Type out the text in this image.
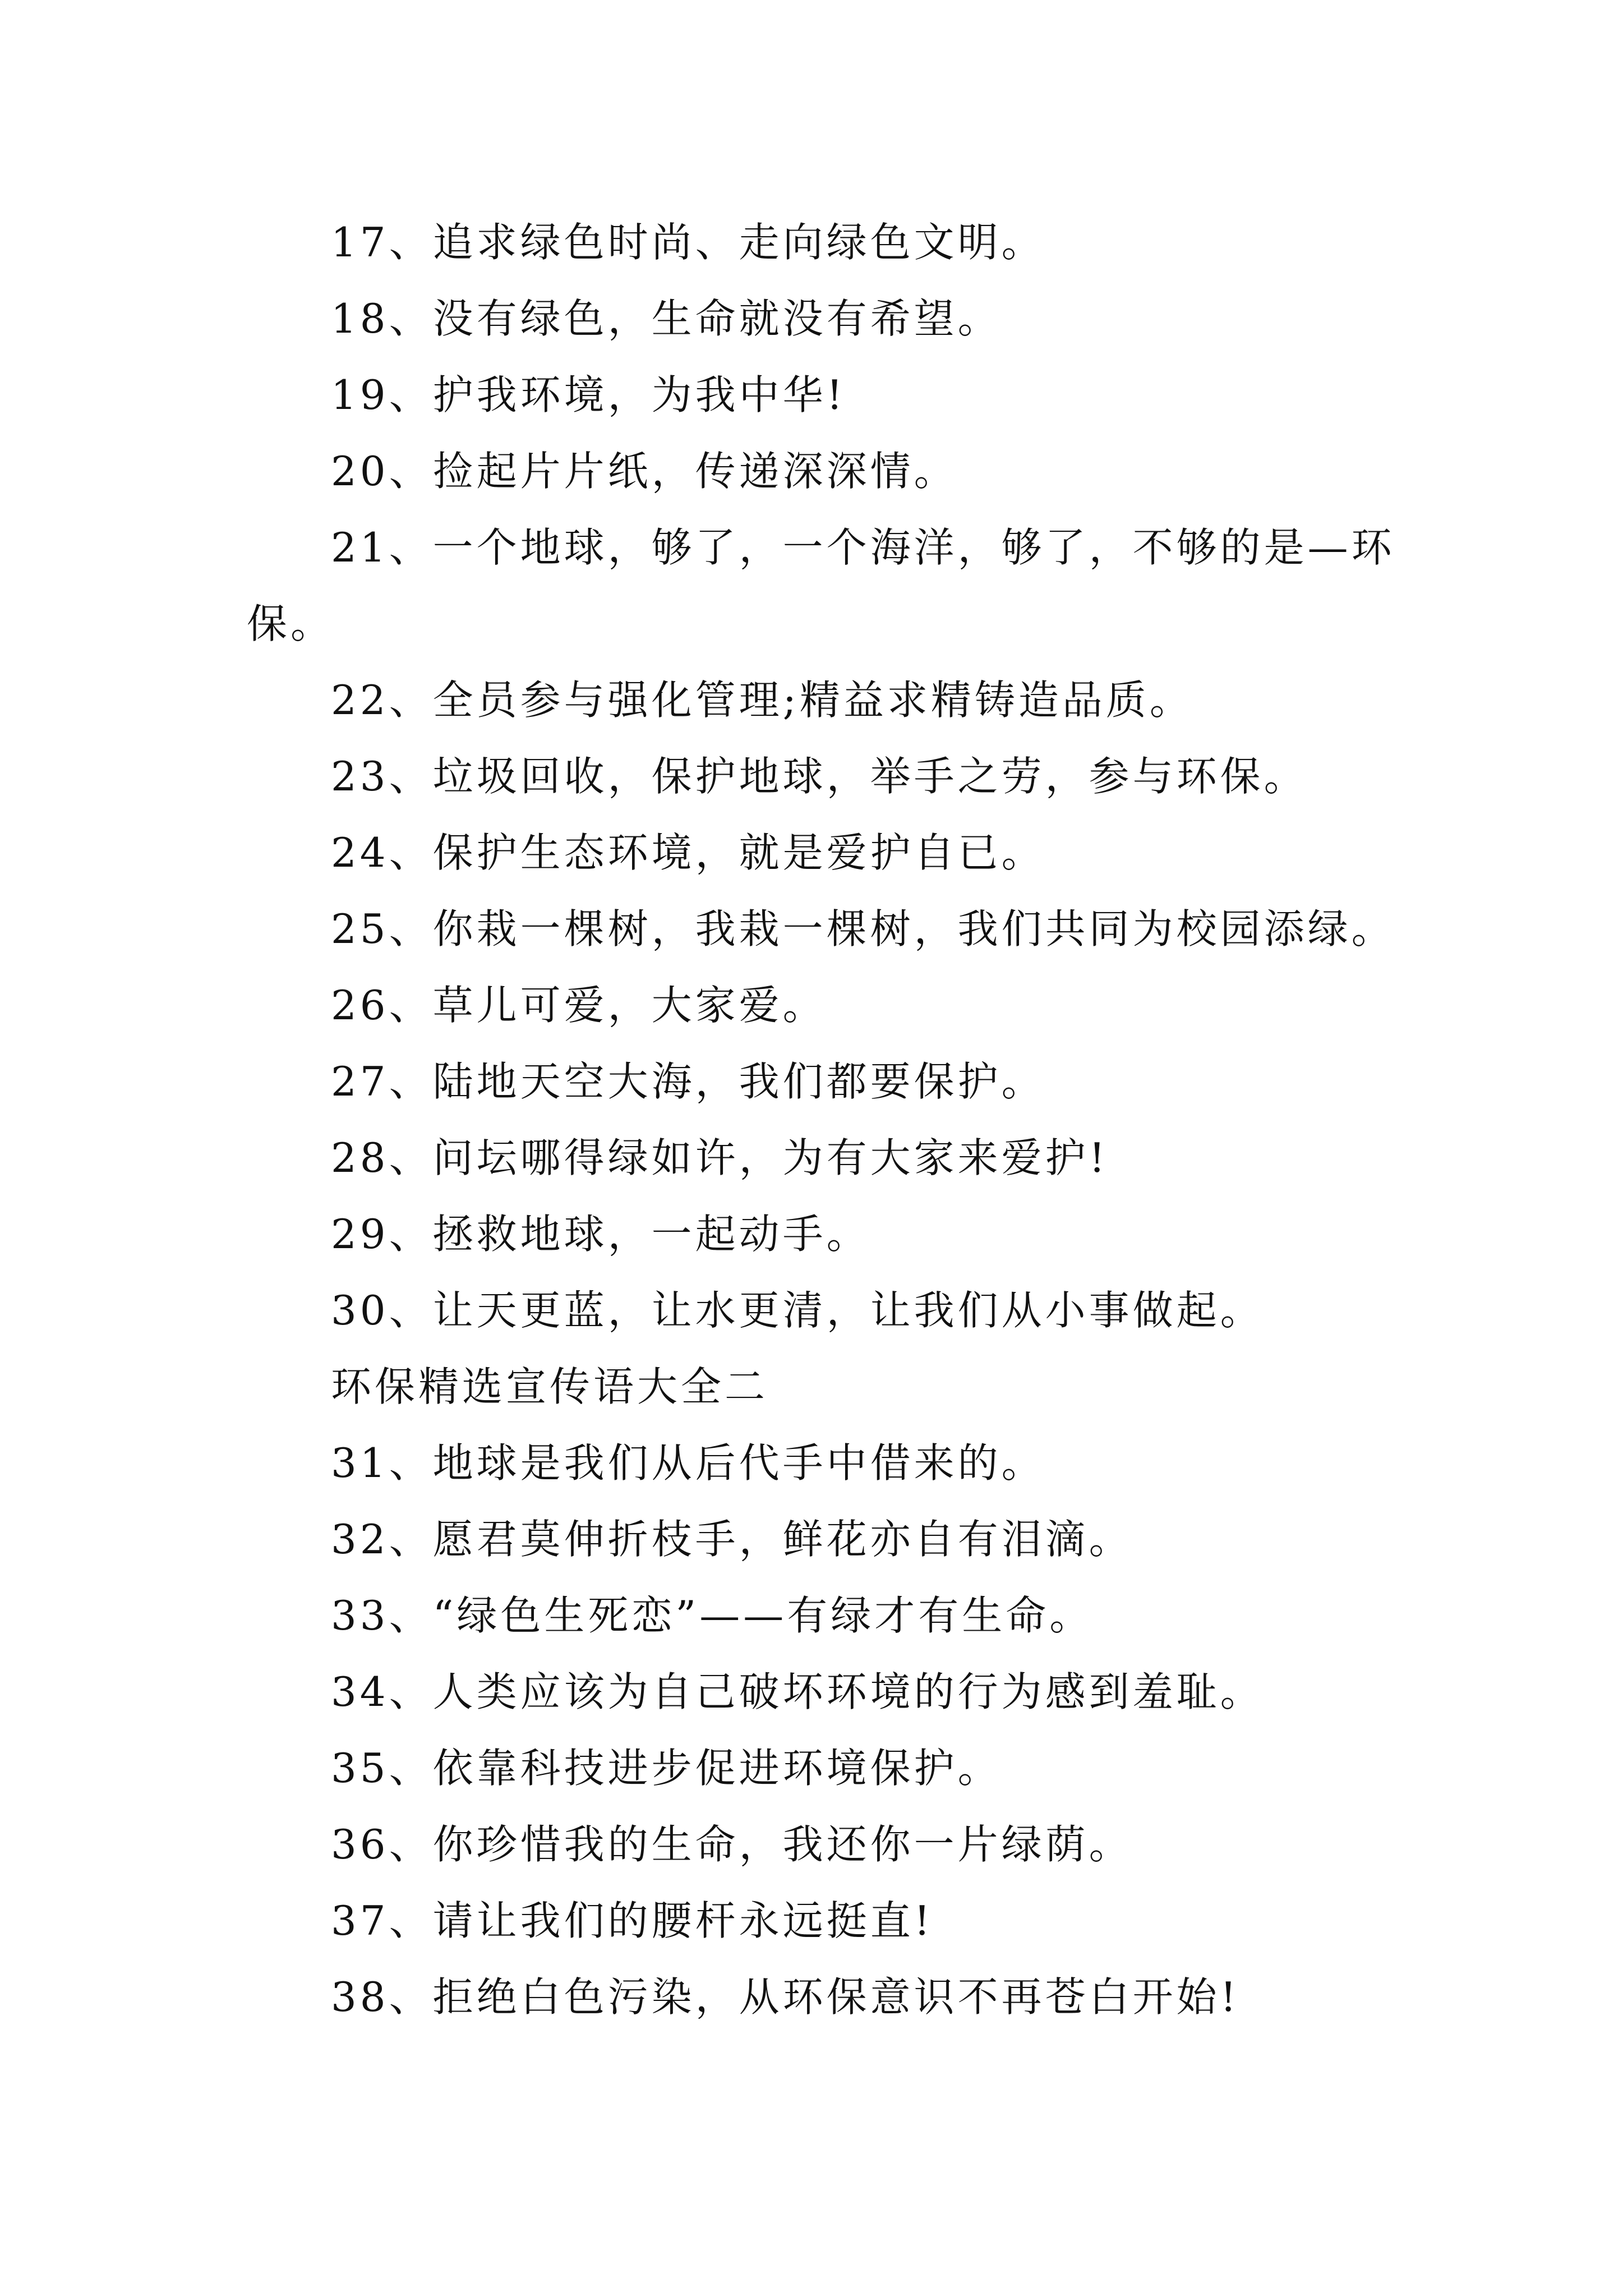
17、追求绿色时尚、走向绿色文明。
18、没有绿色，生命就没有希望。
19、护我环境，为我中华!
20、捡起片片纸，传递深深情。
21、一个地球，够了，一个海洋，够了，不够的是—环
保。
22、全员参与强化管理;精益求精铸造品质。
23、垃圾回收，保护地球，举手之劳，参与环保。
24、保护生态环境，就是爱护自已。
25、你栽一棵树，我栽一棵树，我们共同为校园添绿。
26、草儿可爱，大家爱。
27、陆地天空大海，我们都要保护。
28、问坛哪得绿如许，为有大家来爱护!
29、拯救地球，一起动手。
30、让天更蓝，让水更清，让我们从小事做起。
环保精选宣传语大全二
31、地球是我们从后代手中借来的。
32、愿君莫伸折枝手，鲜花亦自有泪滴。
33、“绿色生死恋”——有绿才有生命。
34、人类应该为自己破坏环境的行为感到羞耻。
35、依靠科技进步促进环境保护。
36、你珍惜我的生命，我还你一片绿荫。
37、请让我们的腰杆永远挺直!
38、拒绝白色污染，从环保意识不再苍白开始!
